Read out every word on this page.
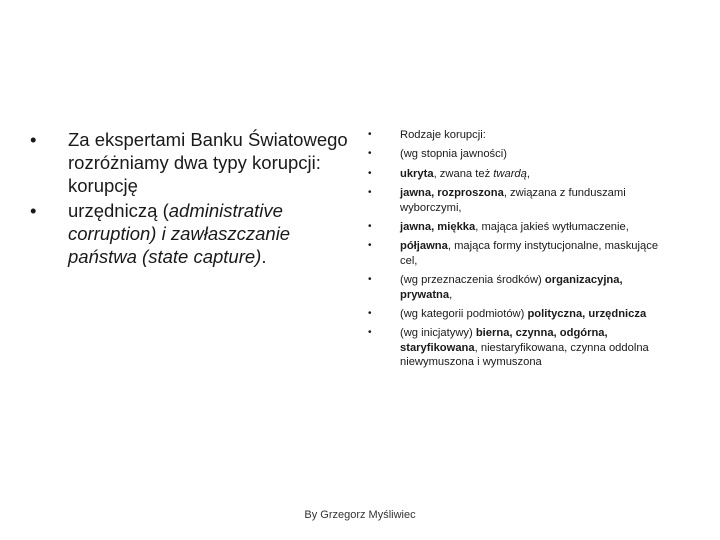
• Za ekspertami Banku Światowego rozróżniamy dwa typy korupcji: korupcję
• urzędniczą (administrative corruption) i zawłaszczanie państwa (state capture).
•	Rodzaje korupcji:
•	(wg stopnia jawności)
•	ukryta, zwana też twardą,
•	jawna, rozproszona, związana z funduszami wyborczymi,
•	jawna, miękka, mająca jakieś wytłumaczenie,
•	półjawna, mająca formy instytucjonalne, maskujące cel,
•	(wg przeznaczenia środków) organizacyjna, prywatna,
•	(wg kategorii podmiotów) polityczna, urzędnicza
•	(wg inicjatywy) bierna, czynna, odgórna, staryfikowana, niestaryfikowana, czynna oddolna niewymuszona i wymuszona
By Grzegorz Myśliwiec
